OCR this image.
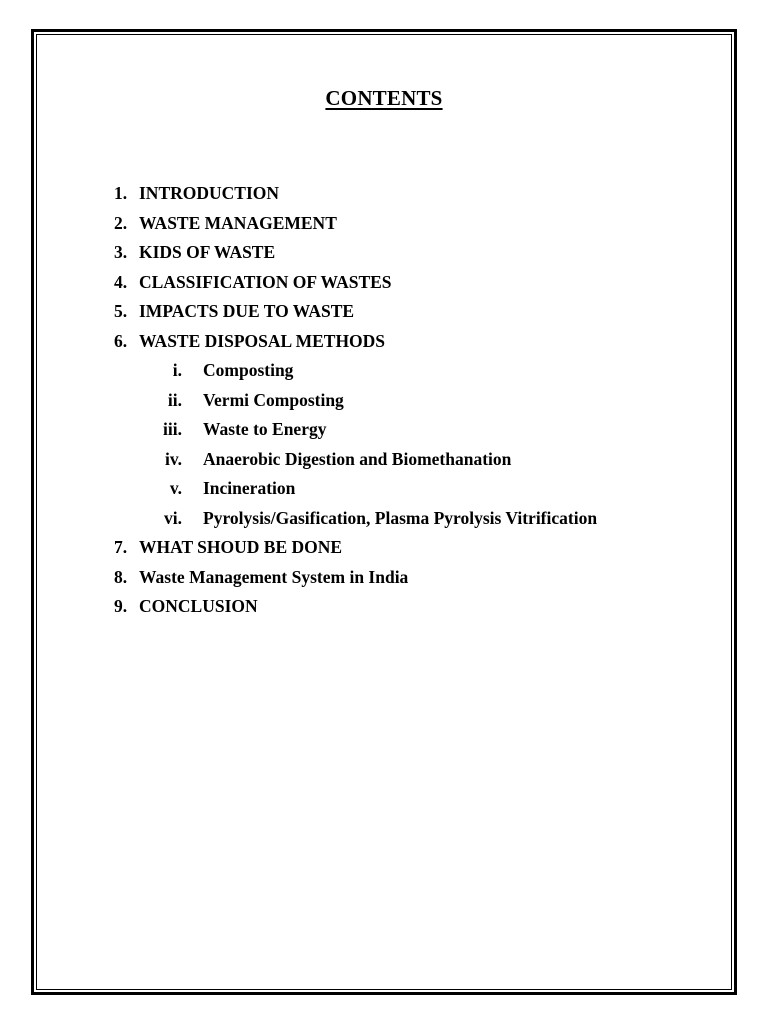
CONTENTS
1. INTRODUCTION
2. WASTE MANAGEMENT
3. KIDS OF WASTE
4. CLASSIFICATION OF WASTES
5. IMPACTS DUE TO WASTE
6. WASTE DISPOSAL METHODS
i. Composting
ii. Vermi Composting
iii. Waste to Energy
iv. Anaerobic Digestion and Biomethanation
v. Incineration
vi. Pyrolysis/Gasification, Plasma Pyrolysis Vitrification
7. WHAT SHOUD BE DONE
8. Waste Management System in India
9. CONCLUSION
